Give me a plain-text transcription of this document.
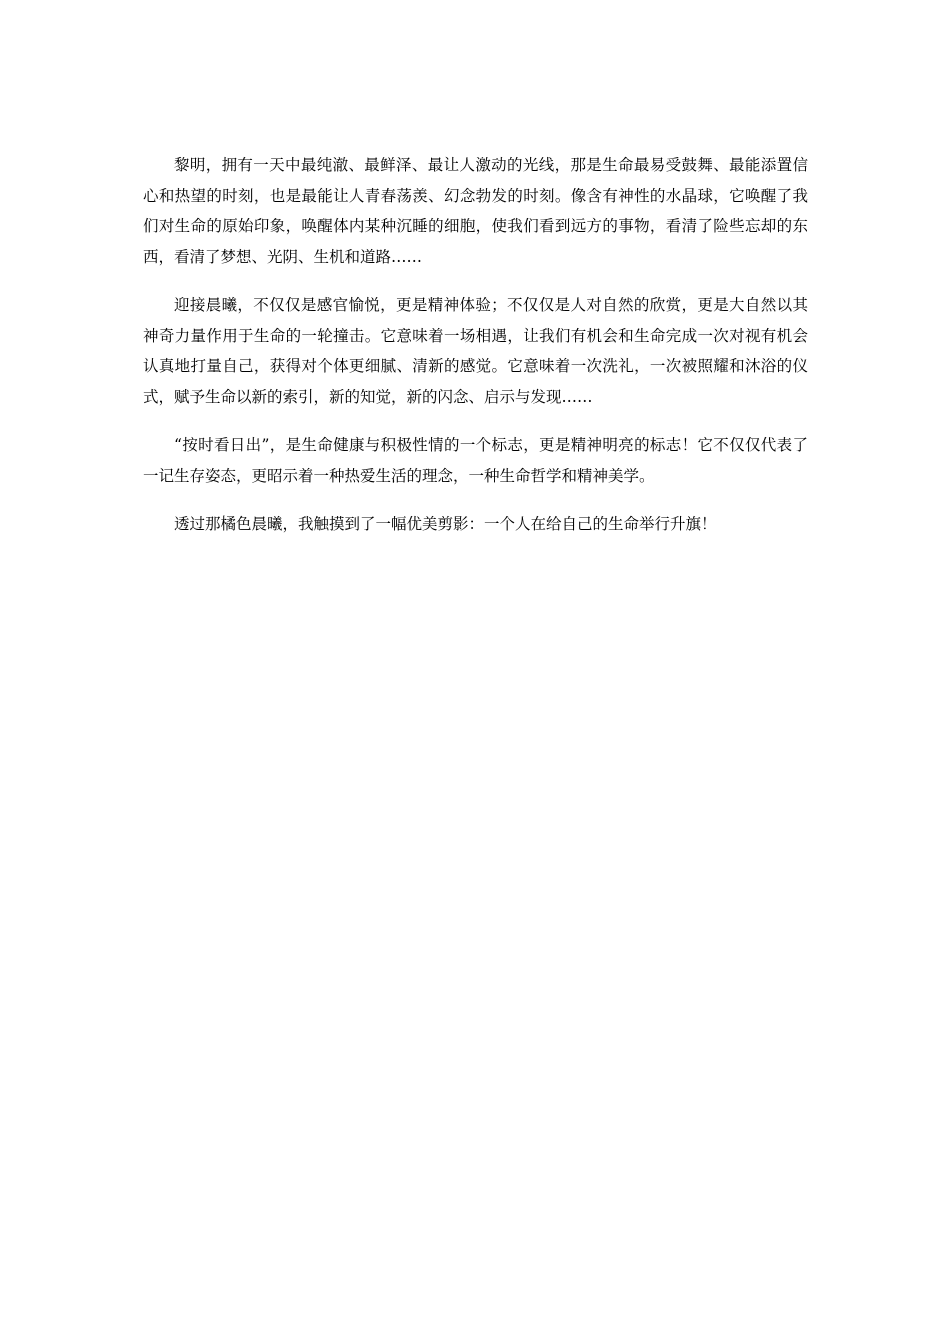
黎明，拥有一天中最纯澈、最鲜泽、最让人激动的光线，那是生命最易受鼓舞、最能添置信心和热望的时刻，也是最能让人青春荡羡、幻念勃发的时刻。像含有神性的水晶球，它唤醒了我们对生命的原始印象，唤醒体内某种沉睡的细胞，使我们看到远方的事物，看清了险些忘却的东西，看清了梦想、光阴、生机和道路……

迎接晨曦，不仅仅是感官愉悦，更是精神体验；不仅仅是人对自然的欣赏，更是大自然以其神奇力量作用于生命的一轮撞击。它意味着一场相遇，让我们有机会和生命完成一次对视有机会认真地打量自己，获得对个体更细腻、清新的感觉。它意味着一次洗礼，一次被照耀和沐浴的仪式，赋予生命以新的索引，新的知觉，新的闪念、启示与发现……

“按时看日出”，是生命健康与积极性情的一个标志，更是精神明亮的标志！它不仅仅代表了一记生存姿态，更昭示着一种热爱生活的理念，一种生命哲学和精神美学。

透过那橘色晨曦，我触摸到了一幅优美剪影：一个人在给自己的生命举行升旗！
